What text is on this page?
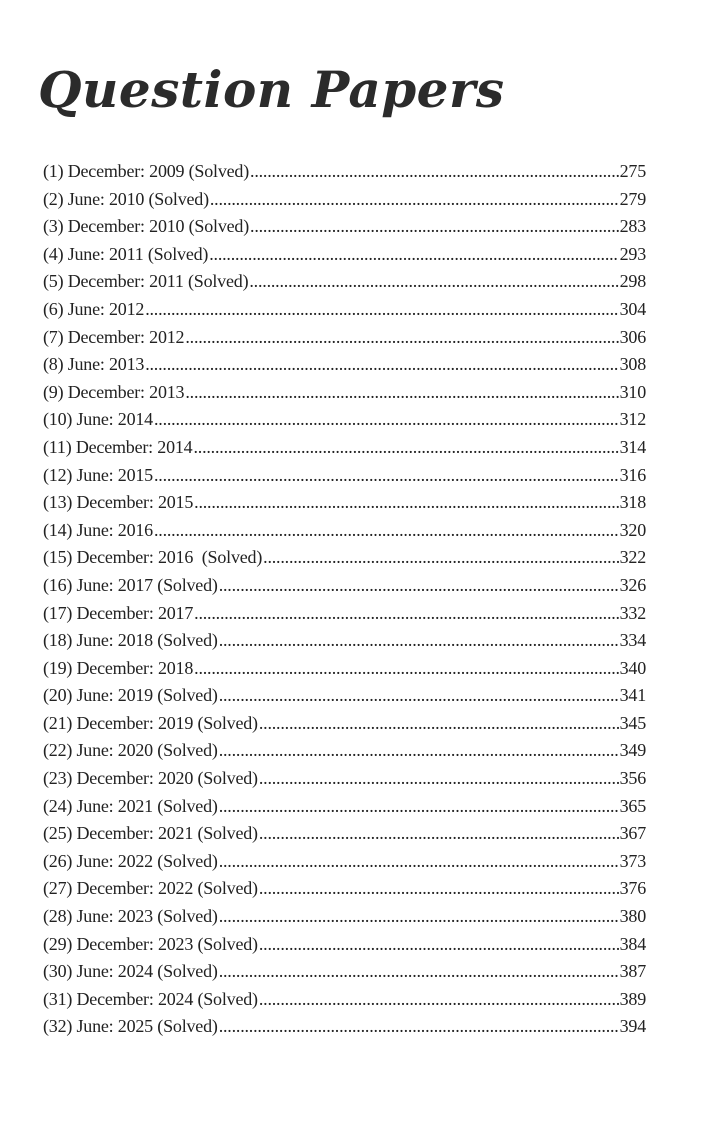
Question Papers
(1) December: 2009 (Solved) .....	275
(2) June: 2010 (Solved) .....	279
(3) December: 2010 (Solved) .....	283
(4) June: 2011 (Solved) .....	293
(5) December: 2011 (Solved) .....	298
(6) June: 2012 .....	304
(7) December: 2012 .....	306
(8) June: 2013 .....	308
(9) December: 2013 .....	310
(10) June: 2014 .....	312
(11) December: 2014 .....	314
(12) June: 2015 .....	316
(13) December: 2015 .....	318
(14) June: 2016 .....	320
(15) December: 2016  (Solved) .....	322
(16) June: 2017 (Solved) .....	326
(17) December: 2017 .....	332
(18) June: 2018 (Solved) .....	334
(19) December: 2018 .....	340
(20) June: 2019 (Solved) .....	341
(21) December: 2019 (Solved) .....	345
(22) June: 2020 (Solved) .....	349
(23) December: 2020 (Solved) .....	356
(24) June: 2021 (Solved) .....	365
(25) December: 2021 (Solved) .....	367
(26) June: 2022 (Solved) .....	373
(27) December: 2022 (Solved) .....	376
(28) June: 2023 (Solved) .....	380
(29) December: 2023 (Solved) .....	384
(30) June: 2024 (Solved) .....	387
(31) December: 2024 (Solved) .....	389
(32) June: 2025 (Solved) .....	394
